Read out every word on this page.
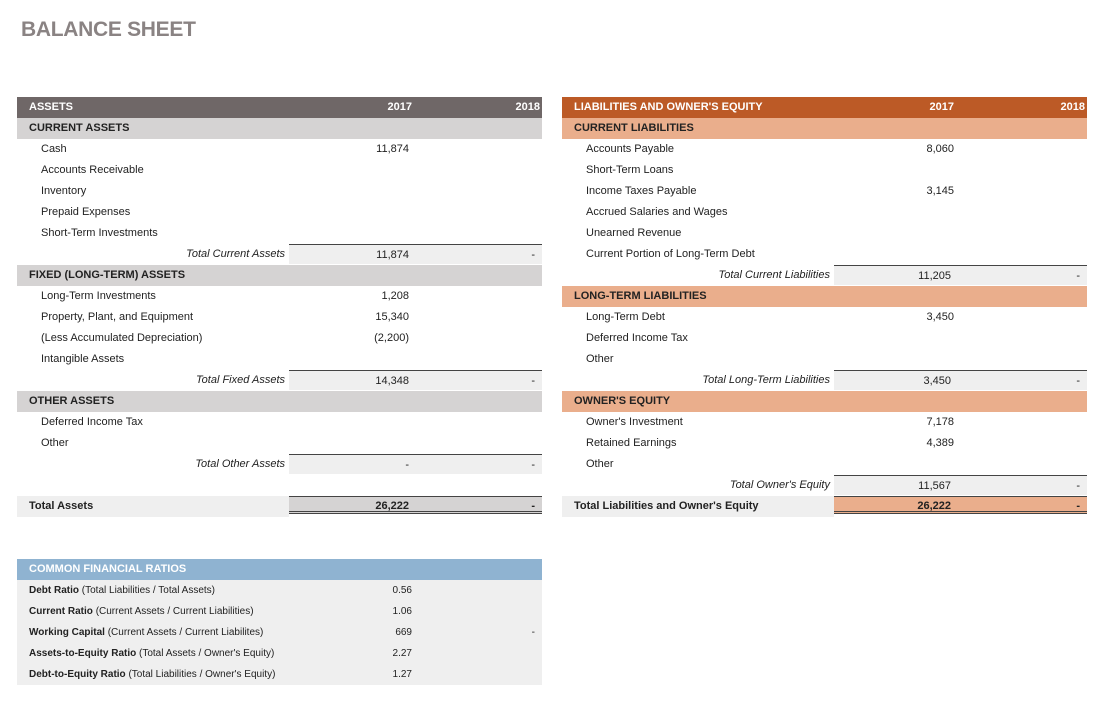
BALANCE SHEET
ASSETS	2017	2018
CURRENT ASSETS
Cash	11,874
Accounts Receivable
Inventory
Prepaid Expenses
Short-Term Investments
Total Current Assets	11,874	-
FIXED (LONG-TERM) ASSETS
Long-Term Investments	1,208
Property, Plant, and Equipment	15,340
(Less Accumulated Depreciation)	(2,200)
Intangible Assets
Total Fixed Assets	14,348	-
OTHER ASSETS
Deferred Income Tax
Other
Total Other Assets	-	-
Total Assets	26,222	-
LIABILITIES AND OWNER'S EQUITY	2017	2018
CURRENT LIABILITIES
Accounts Payable	8,060
Short-Term Loans
Income Taxes Payable	3,145
Accrued Salaries and Wages
Unearned Revenue
Current Portion of Long-Term Debt
Total Current Liabilities	11,205	-
LONG-TERM LIABILITIES
Long-Term Debt	3,450
Deferred Income Tax
Other
Total Long-Term Liabilities	3,450	-
OWNER'S EQUITY
Owner's Investment	7,178
Retained Earnings	4,389
Other
Total Owner's Equity	11,567	-
Total Liabilities and Owner's Equity	26,222	-
COMMON FINANCIAL RATIOS
Debt Ratio (Total Liabilities / Total Assets)	0.56
Current Ratio (Current Assets / Current Liabilities)	1.06
Working Capital (Current Assets / Current Liabilites)	669	-
Assets-to-Equity Ratio (Total Assets / Owner's Equity)	2.27
Debt-to-Equity Ratio (Total Liabilities / Owner's Equity)	1.27
